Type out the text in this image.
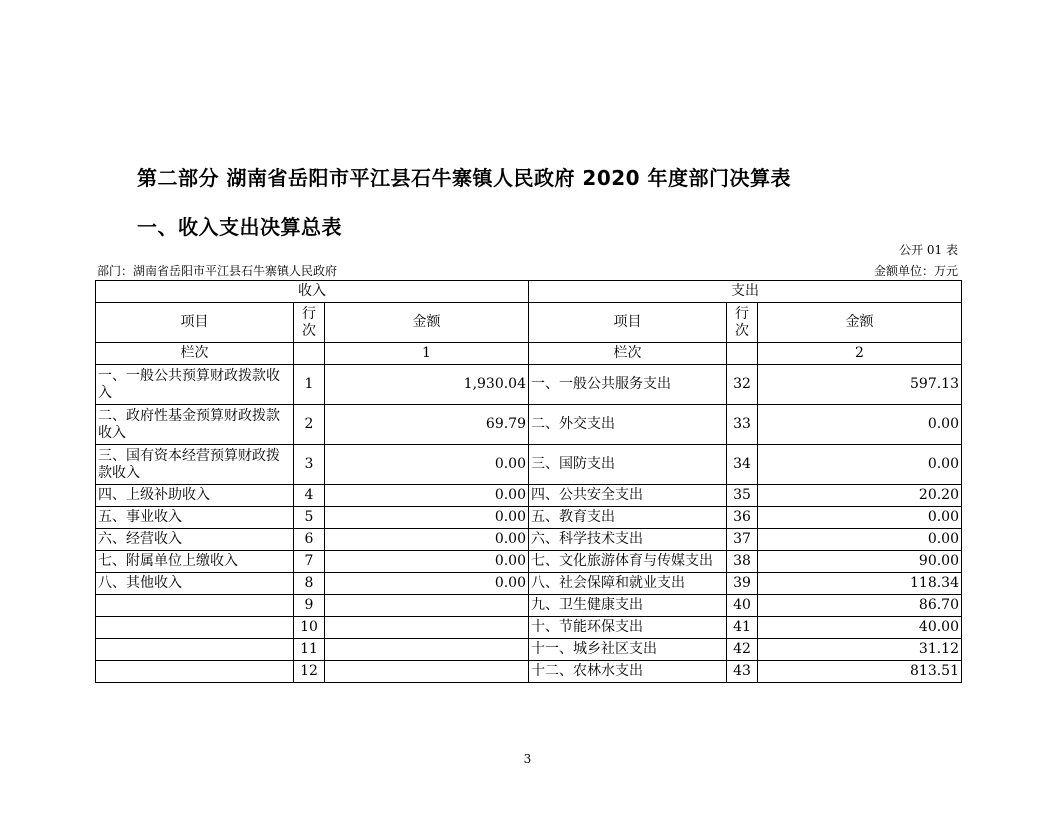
第二部分 湖南省岳阳市平江县石牛寨镇人民政府 2020 年度部门决算表
一、收入支出决算总表
公开 01 表
部门：湖南省岳阳市平江县石牛寨镇人民政府	金额单位：万元
收入			支出		
项目	行次	金额	项目	行次	金额
栏次		1	栏次		2
一、一般公共预算财政拨款收入	1	1,930.04	一、一般公共服务支出	32	597.13
二、政府性基金预算财政拨款收入	2	69.79	二、外交支出	33	0.00
三、国有资本经营预算财政拨款收入	3	0.00	三、国防支出	34	0.00
四、上级补助收入	4	0.00	四、公共安全支出	35	20.20
五、事业收入	5	0.00	五、教育支出	36	0.00
六、经营收入	6	0.00	六、科学技术支出	37	0.00
七、附属单位上缴收入	7	0.00	七、文化旅游体育与传媒支出	38	90.00
八、其他收入	8	0.00	八、社会保障和就业支出	39	118.34
	9		九、卫生健康支出	40	86.70
	10		十、节能环保支出	41	40.00
	11		十一、城乡社区支出	42	31.12
	12		十二、农林水支出	43	813.51
3
